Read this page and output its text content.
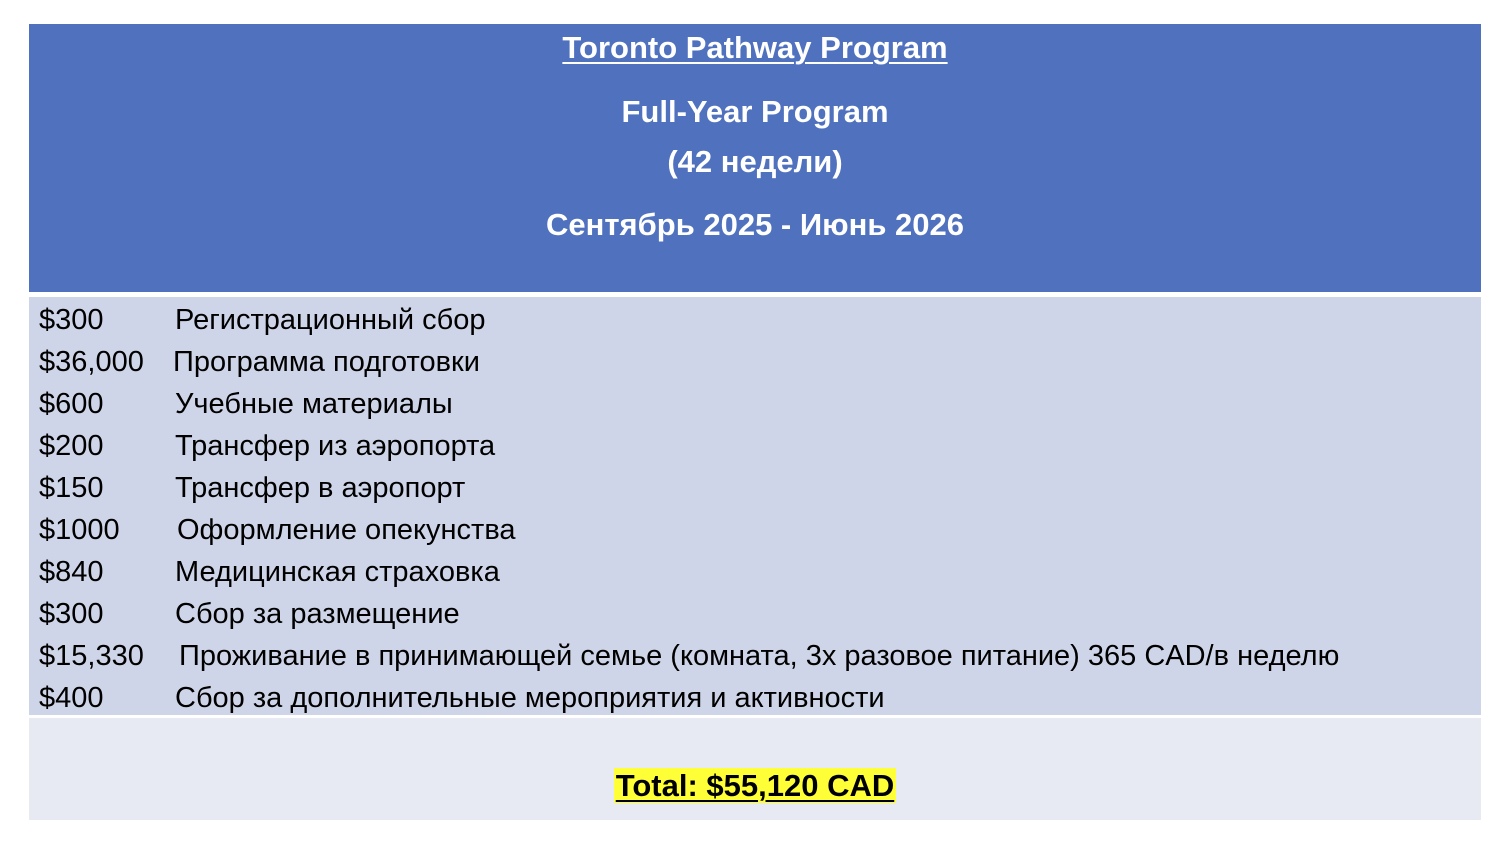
Toronto Pathway Program
Full-Year Program
(42 недели)
Сентябрь 2025 - Июнь 2026
$300 Регистрационный сбор
$36,000 Программа подготовки
$600 Учебные материалы
$200 Трансфер из аэропорта
$150 Трансфер в аэропорт
$1000 Оформление опекунства
$840 Медицинская страховка
$300 Сбор за размещение
$15,330 Проживание в принимающей семье (комната, 3х разовое питание) 365 CAD/в неделю
$400 Сбор за дополнительные мероприятия и активности
Total: $55,120 CAD
